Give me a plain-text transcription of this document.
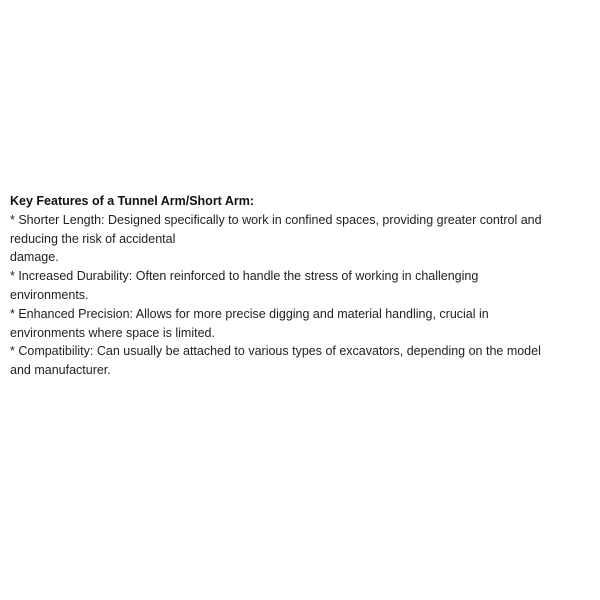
Key Features of a Tunnel Arm/Short Arm:

* Shorter Length: Designed specifically to work in confined spaces, providing greater control and

reducing the risk of accidental

damage.

* Increased Durability: Often reinforced to handle the stress of working in challenging

environments.

* Enhanced Precision: Allows for more precise digging and material handling, crucial in

environments where space is limited.

* Compatibility: Can usually be attached to various types of excavators, depending on the model

and manufacturer.
